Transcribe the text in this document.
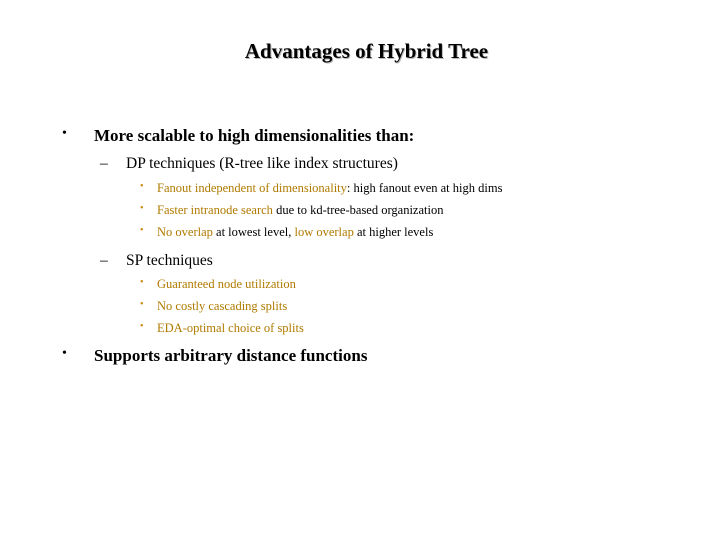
Advantages of Hybrid Tree
• More scalable to high dimensionalities than:
– DP techniques (R-tree like index structures)
• Fanout independent of dimensionality: high fanout even at high dims
• Faster intranode search due to kd-tree-based organization
• No overlap at lowest level, low overlap at higher levels
– SP techniques
• Guaranteed node utilization
• No costly cascading splits
• EDA-optimal choice of splits
• Supports arbitrary distance functions
